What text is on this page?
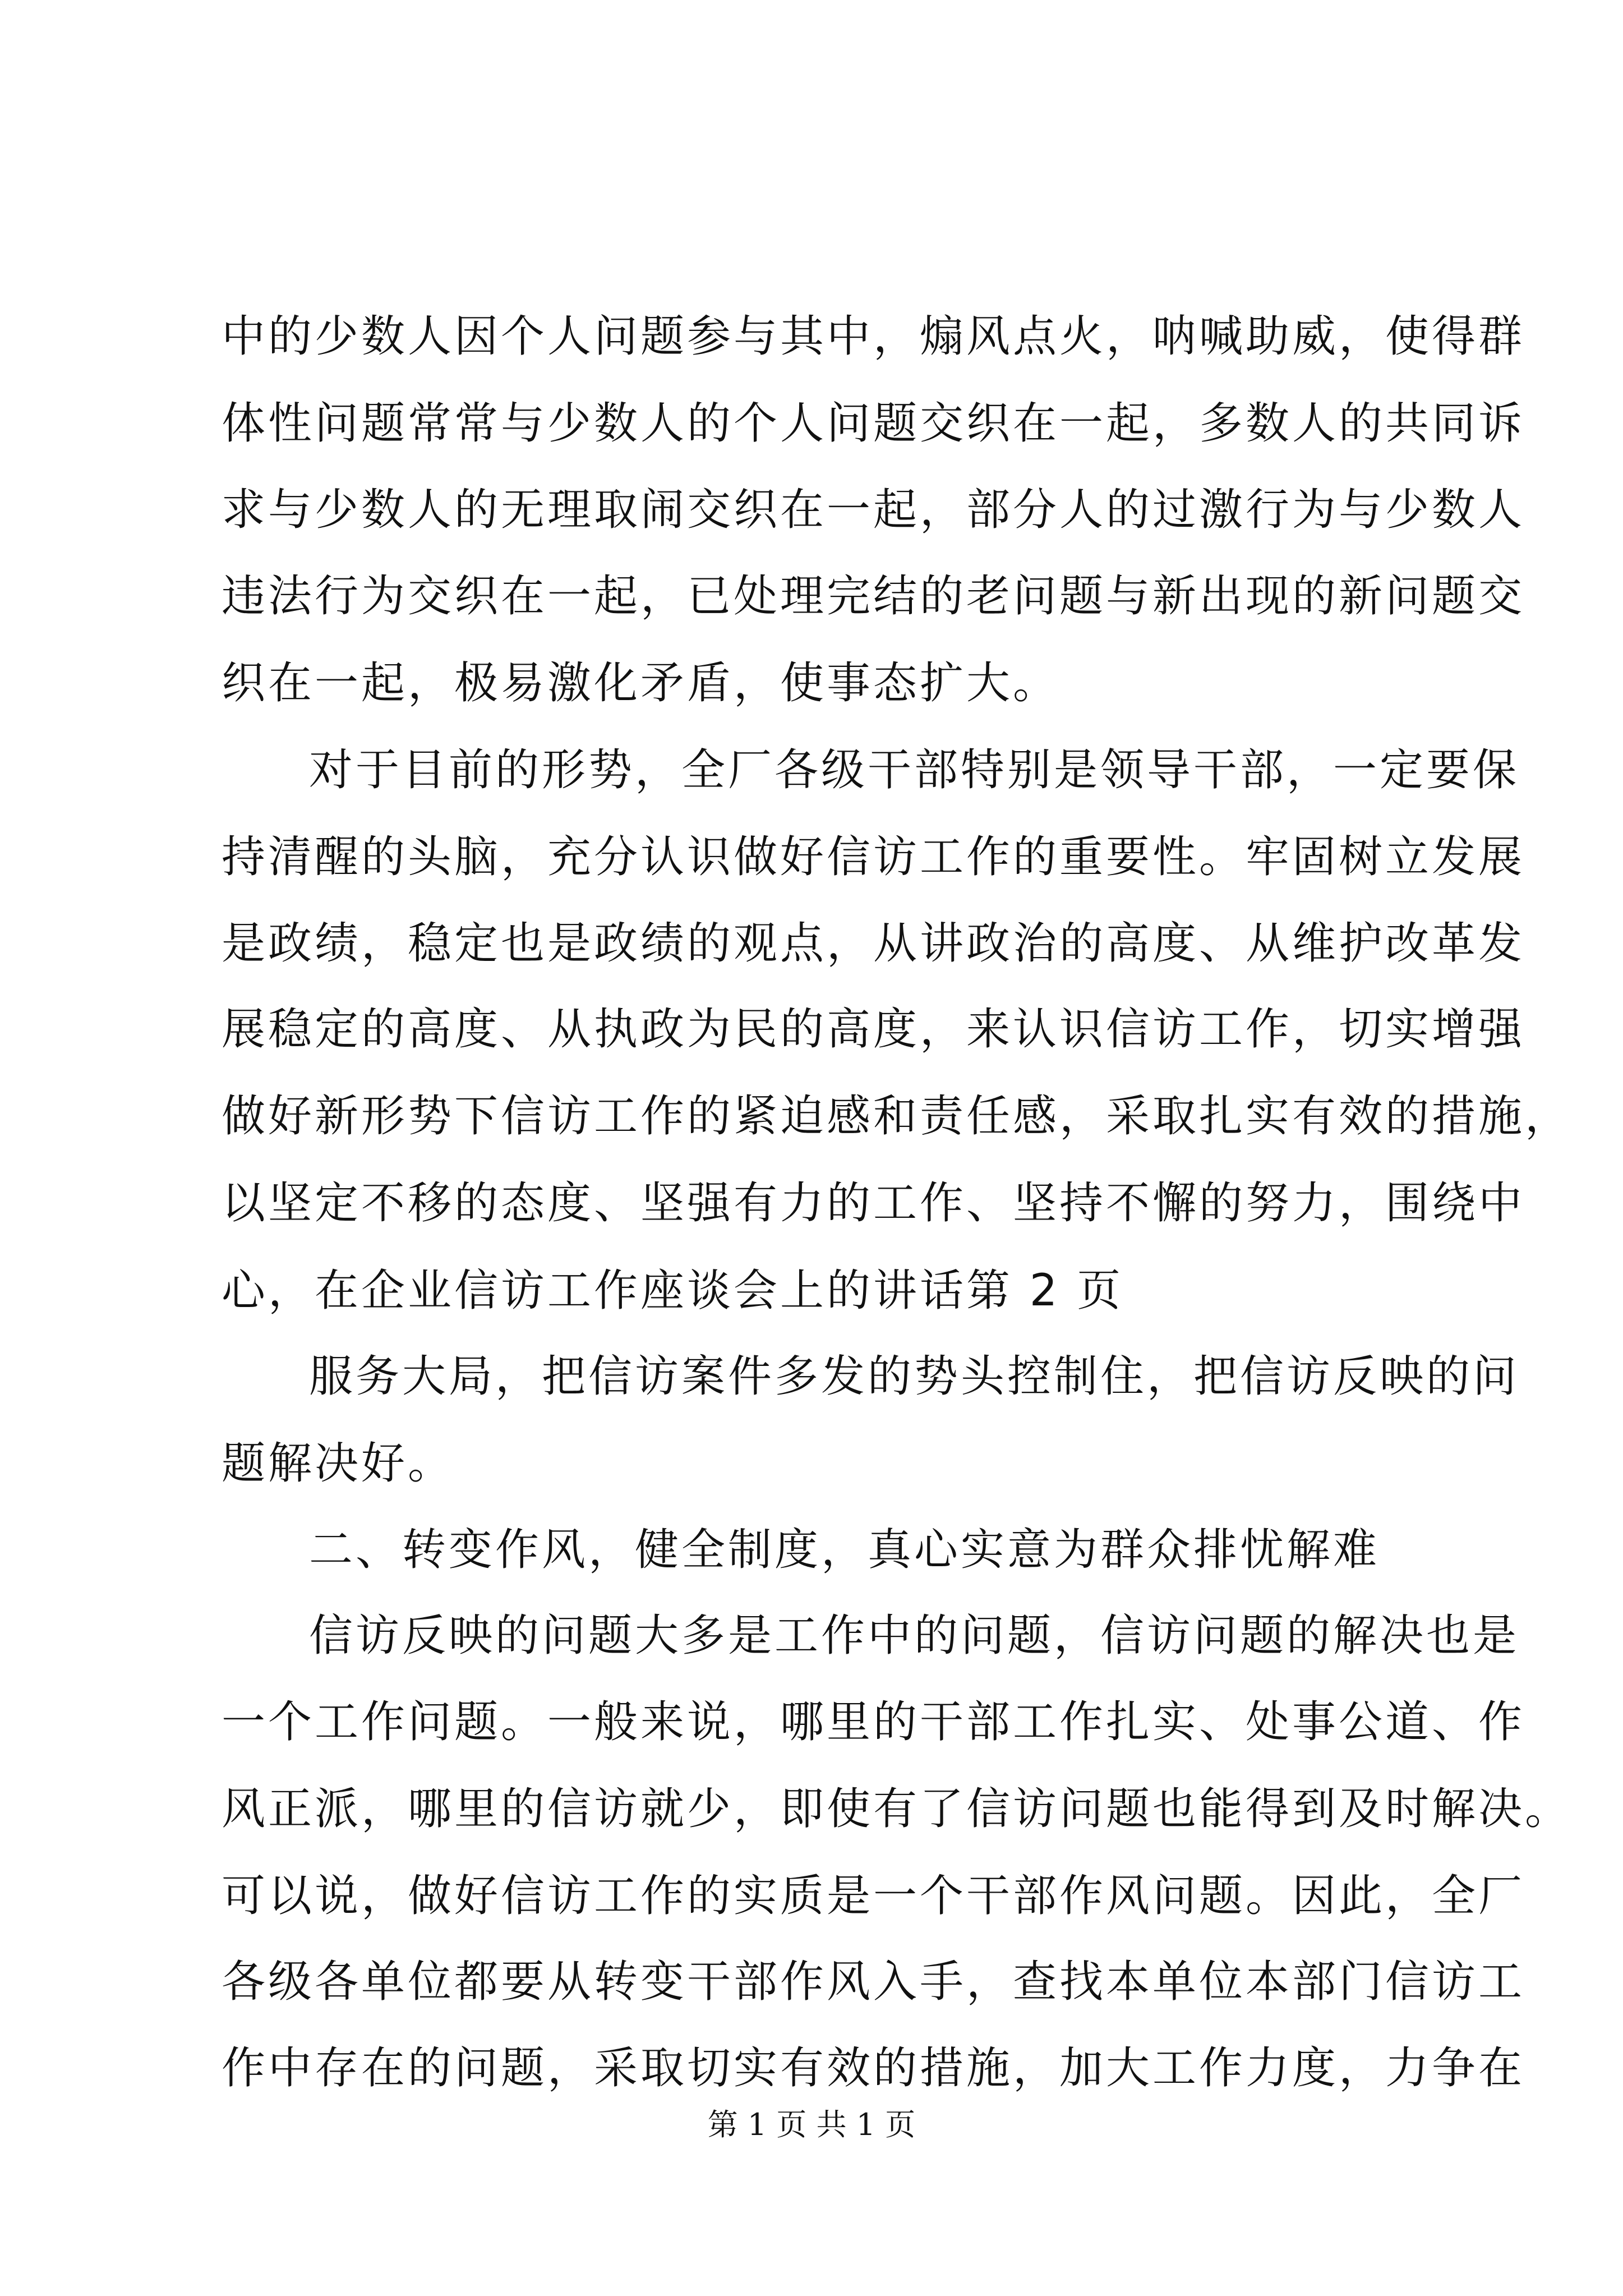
中的少数人因个人问题参与其中，煽风点火，呐喊助威，使得群
体性问题常常与少数人的个人问题交织在一起，多数人的共同诉
求与少数人的无理取闹交织在一起，部分人的过激行为与少数人
违法行为交织在一起，已处理完结的老问题与新出现的新问题交
织在一起，极易激化矛盾，使事态扩大。
对于目前的形势，全厂各级干部特别是领导干部，一定要保
持清醒的头脑，充分认识做好信访工作的重要性。牢固树立发展
是政绩，稳定也是政绩的观点，从讲政治的高度、从维护改革发
展稳定的高度、从执政为民的高度，来认识信访工作，切实增强
做好新形势下信访工作的紧迫感和责任感，采取扎实有效的措施，
以坚定不移的态度、坚强有力的工作、坚持不懈的努力，围绕中
心，在企业信访工作座谈会上的讲话第 2 页
服务大局，把信访案件多发的势头控制住，把信访反映的问
题解决好。
二、转变作风，健全制度，真心实意为群众排忧解难
信访反映的问题大多是工作中的问题，信访问题的解决也是
一个工作问题。一般来说，哪里的干部工作扎实、处事公道、作
风正派，哪里的信访就少，即使有了信访问题也能得到及时解决。
可以说，做好信访工作的实质是一个干部作风问题。因此，全厂
各级各单位都要从转变干部作风入手，查找本单位本部门信访工
作中存在的问题，采取切实有效的措施，加大工作力度，力争在
第 1 页 共 1 页
